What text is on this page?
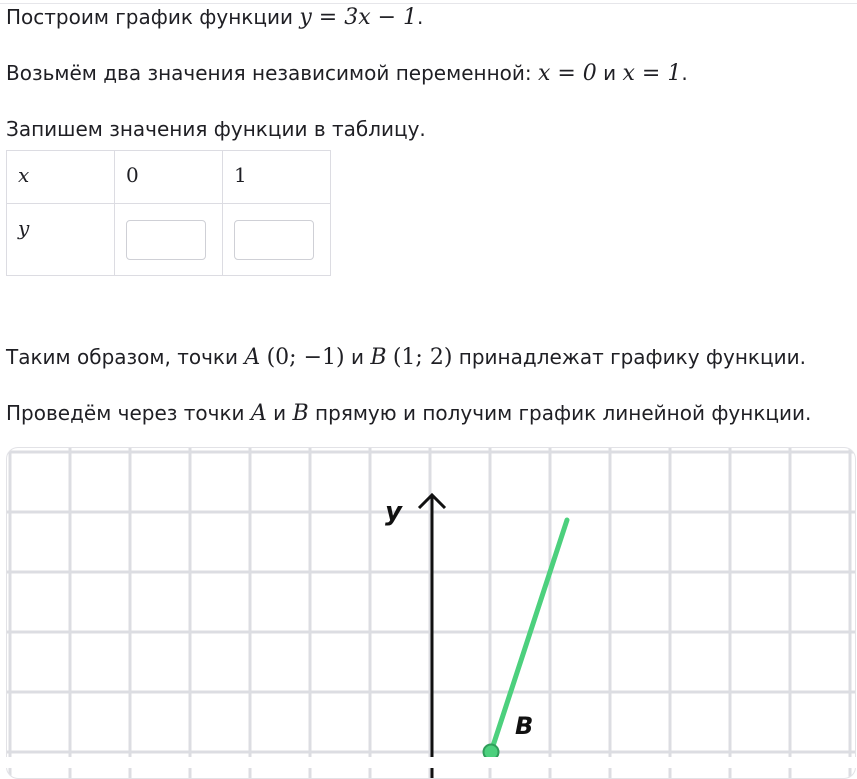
Построим график функции y = 3x − 1.
Возьмём два значения независимой переменной: x = 0 и x = 1.
Запишем значения функции в таблицу.
x	0	1
y	

Таким образом, точки A (0; −1) и B (1; 2) принадлежат графику функции.
Проведём через точки A и B прямую и получим график линейной функции.
y
B
